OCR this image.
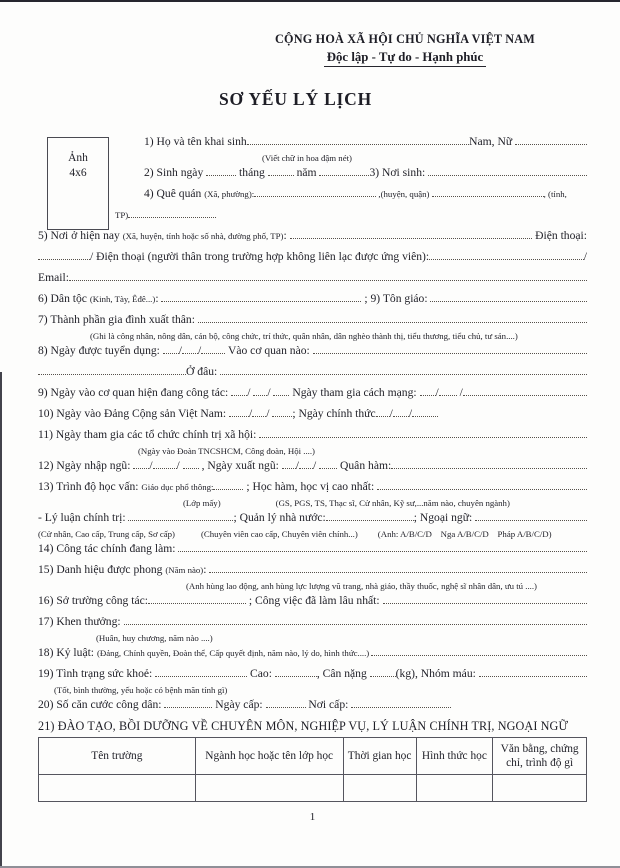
CỘNG HOÀ XÃ HỘI CHỦ NGHĨA VIỆT NAM
Độc lập - Tự do - Hạnh phúc
SƠ YẾU LÝ LỊCH
Ảnh
4x6
1) Họ và tên khai sinh	Nam, Nữ
(Viết chữ in hoa đậm nét)
2) Sinh ngày	tháng năm	3) Nơi sinh:
4) Quê quán (Xã, phường):	,(huyện, quận)	, (tỉnh,
TP)
5) Nơi ở hiện nay (Xã, huyện, tỉnh hoặc số nhà, đường phố, TP) :	Điện thoại:
/ Điện thoại (người thân trong trường hợp không liên lạc được ứng viên):	/
Email:
6) Dân tộc (Kinh, Tày, Êđê...) :	; 9) Tôn giáo:
7) Thành phần gia đình xuất thân:
(Ghi là công nhân, nông dân, cán bộ, công chức, trí thức, quân nhân, dân nghèo thành thị, tiểu thương, tiểu chủ, tư sản....)
8) Ngày được tuyển dụng: / / Vào cơ quan nào:
Ở đâu:
9) Ngày vào cơ quan hiện đang công tác: / / Ngày tham gia cách mạng: / /
10) Ngày vào Đảng Cộng sản Việt Nam: / / ; Ngày chính thức / /
11) Ngày tham gia các tổ chức chính trị xã hội:
(Ngày vào Đoàn TNCSHCM, Công đoàn, Hội ....)
12) Ngày nhập ngũ: / / , Ngày xuất ngũ: / / Quân hàm:
13) Trình độ học vấn: Giáo dục phổ thông:	; Học hàm, học vị cao nhất:
(Lớp mấy)	(GS, PGS, TS, Thạc sĩ, Cử nhân, Kỹ sư,...năm nào, chuyên ngành)
- Lý luận chính trị:	; Quản lý nhà nước:	; Ngoại ngữ:
(Cử nhân, Cao cấp, Trung cấp, Sơ cấp)	(Chuyên viên cao cấp, Chuyên viên chính...) (Anh: A/B/C/D    Nga A/B/C/D    Pháp A/B/C/D)
14) Công tác chính đang làm:
15) Danh hiệu được phong (Năm nào) :
(Anh hùng lao động, anh hùng lực lượng vũ trang, nhà giáo, thầy thuốc, nghệ sĩ nhân dân, ưu tú ....)
16) Sở trường công tác:	; Công việc đã làm lâu nhất:
17) Khen thưởng:
(Huân, huy chương, năm nào ....)
18) Kỷ luật: (Đảng, Chính quyền, Đoàn thể, Cấp quyết định, năm nào, lý do, hình thức....)
19) Tình trạng sức khoẻ:	Cao:	, Cân nặng (kg), Nhóm máu:
(Tốt, bình thường, yếu hoặc có bệnh mãn tính gì)
20) Số căn cước công dân:	Ngày cấp:	Nơi cấp:
21) ĐÀO TẠO, BỒI DƯỠNG VỀ CHUYÊN MÔN, NGHIỆP VỤ, LÝ LUẬN CHÍNH TRỊ, NGOẠI NGỮ
Tên trường	Ngành học hoặc tên lớp học	Thời gian học	Hình thức học	Văn bằng, chứng chỉ, trình độ gì

1
